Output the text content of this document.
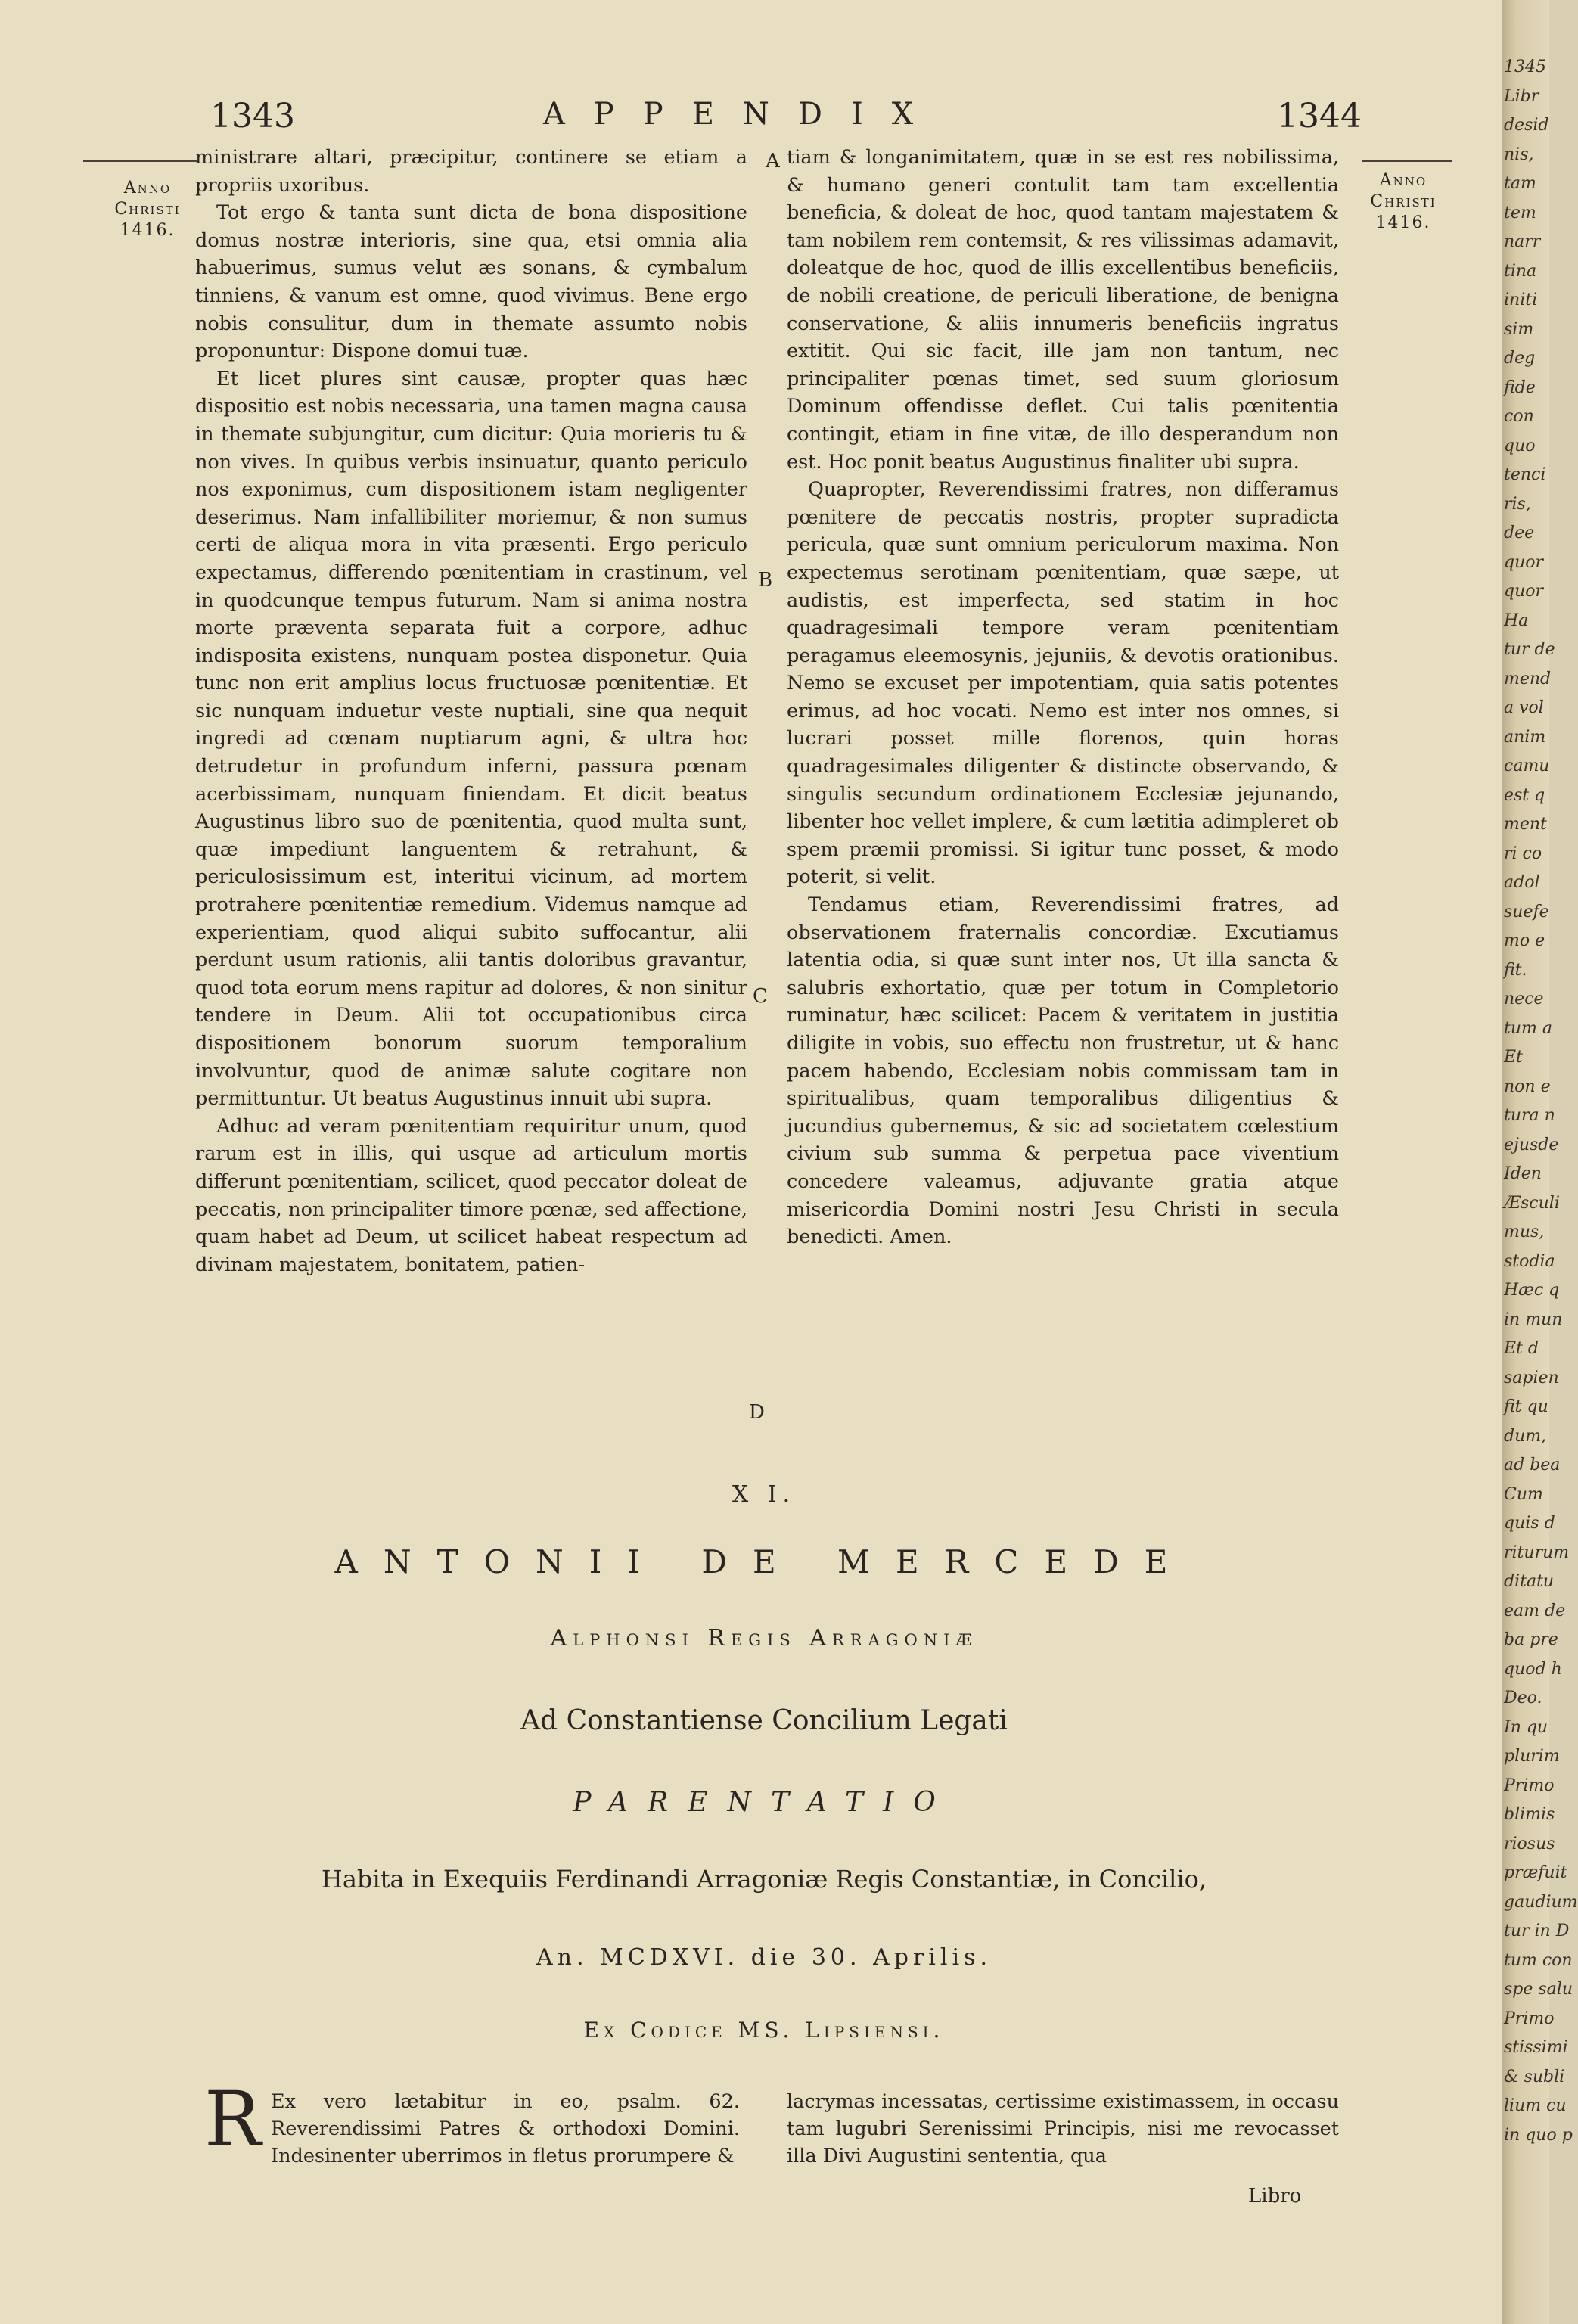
1343	APPENDIX	1344
Anno
Christi
1416.
Anno
Christi
1416.

ministrare altari, præcipitur, continere se etiam a propriis uxoribus.

Tot ergo & tanta sunt dicta de bona dispositione domus nostræ interioris, sine qua, etsi omnia alia habuerimus, sumus velut æs sonans, & cymbalum tinniens, & vanum est omne, quod vivimus. Bene ergo nobis consulitur, dum in themate assumto nobis proponuntur: Dispone domui tuæ.

Et licet plures sint causæ, propter quas hæc dispositio est nobis necessaria, una tamen magna causa in themate subjungitur, cum dicitur: Quia morieris tu & non vives. In quibus verbis insinuatur, quanto periculo nos exponimus, cum dispositionem istam negligenter deserimus. Nam infallibiliter moriemur, & non sumus certi de aliqua mora in vita præsenti. Ergo periculo expectamus, differendo pœnitentiam in crastinum, vel in quodcunque tempus futurum. Nam si anima nostra morte præventa separata fuit a corpore, adhuc indisposita existens, nunquam postea disponetur. Quia tunc non erit amplius locus fructuosæ pœnitentiæ. Et sic nunquam induetur veste nuptiali, sine qua nequit ingredi ad cœnam nuptiarum agni, & ultra hoc detrudetur in profundum inferni, passura pœnam acerbissimam, nunquam finiendam. Et dicit beatus Augustinus libro suo de pœnitentia, quod multa sunt, quæ impediunt languentem & retrahunt, & periculosissimum est, interitui vicinum, ad mortem protrahere pœnitentiæ remedium. Videmus namque ad experientiam, quod aliqui subito suffocantur, alii perdunt usum rationis, alii tantis doloribus gravantur, quod tota eorum mens rapitur ad dolores, & non sinitur tendere in Deum. Alii tot occupationibus circa dispositionem bonorum suorum temporalium involvuntur, quod de animæ salute cogitare non permittuntur. Ut beatus Augustinus innuit ubi supra.

Adhuc ad veram pœnitentiam requiritur unum, quod rarum est in illis, qui usque ad articulum mortis differunt pœnitentiam, scilicet, quod peccator doleat de peccatis, non principaliter timore pœnæ, sed affectione, quam habet ad Deum, ut scilicet habeat respectum ad divinam majestatem, bonitatem, patien-

A
B
C
D

tiam & longanimitatem, quæ in se est res nobilissima, & humano generi contulit tam tam excellentia beneficia, & doleat de hoc, quod tantam majestatem & tam nobilem rem contemsit, & res vilissimas adamavit, doleatque de hoc, quod de illis excellentibus beneficiis, de nobili creatione, de periculi liberatione, de benigna conservatione, & aliis innumeris beneficiis ingratus extitit. Qui sic facit, ille jam non tantum, nec principaliter pœnas timet, sed suum gloriosum Dominum offendisse deflet. Cui talis pœnitentia contingit, etiam in fine vitæ, de illo desperandum non est. Hoc ponit beatus Augustinus finaliter ubi supra.

Quapropter, Reverendissimi fratres, non differamus pœnitere de peccatis nostris, propter supradicta pericula, quæ sunt omnium periculorum maxima. Non expectemus serotinam pœnitentiam, quæ sæpe, ut audistis, est imperfecta, sed statim in hoc quadragesimali tempore veram pœnitentiam peragamus eleemosynis, jejuniis, & devotis orationibus. Nemo se excuset per impotentiam, quia satis potentes erimus, ad hoc vocati. Nemo est inter nos omnes, si lucrari posset mille florenos, quin horas quadragesimales diligenter & distincte observando, & singulis secundum ordinationem Ecclesiæ jejunando, libenter hoc vellet implere, & cum lætitia adimpleret ob spem præmii promissi. Si igitur tunc posset, & modo poterit, si velit.

Tendamus etiam, Reverendissimi fratres, ad observationem fraternalis concordiæ. Excutiamus latentia odia, si quæ sunt inter nos, Ut illa sancta & salubris exhortatio, quæ per totum in Completorio ruminatur, hæc scilicet: Pacem & veritatem in justitia diligite in vobis, suo effectu non frustretur, ut & hanc pacem habendo, Ecclesiam nobis commissam tam in spiritualibus, quam temporalibus diligentius & jucundius gubernemus, & sic ad societatem cœlestium civium sub summa & perpetua pace viventium concedere valeamus, adjuvante gratia atque misericordia Domini nostri Jesu Christi in secula benedicti. Amen.

X I.
ANTONII DE MERCEDE
Alphonsi Regis Arragoniæ
Ad Constantiense Concilium Legati
PARENTATIO
Habita in Exequiis Ferdinandi Arragoniæ Regis Constantiæ, in Concilio,
An. MCDXVI. die 30. Aprilis.
Ex Codice MS. Lipsiensi.
R Ex vero lætabitur in eo, psalm. 62. Reverendissimi Patres & orthodoxi Domini. Indesinenter uberrimos in fletus prorumpere &

lacrymas incessatas, certissime existimassem, in occasu tam lugubri Serenissimi Principis, nisi me revocasset illa Divi Augustini sententia, qua

Libro
1345
Libr
desid
nis,
tam
tem
narr
tina
initi
sim
deg
fide
con
quo
tenci
ris,
dee
quor
quor
Ha
tur de
mend
a vol
anim
camu
est q
ment
ri co
adol
suefe
mo e
fit.
nece
tum a
Et
non e
tura n
ejusde
Iden
Æsculi
mus,
stodia
Hæc q
in mun
Et d
sapien
fit qu
dum,
ad bea
Cum
quis d
riturum
ditatu
eam de
ba pre
quod h
Deo.
In qu
plurim
Primo
blimis
riosus
præfuit
gaudium
tur in D
tum con
spe salu
Primo
stissimi
& subli
lium cu
in quo p
